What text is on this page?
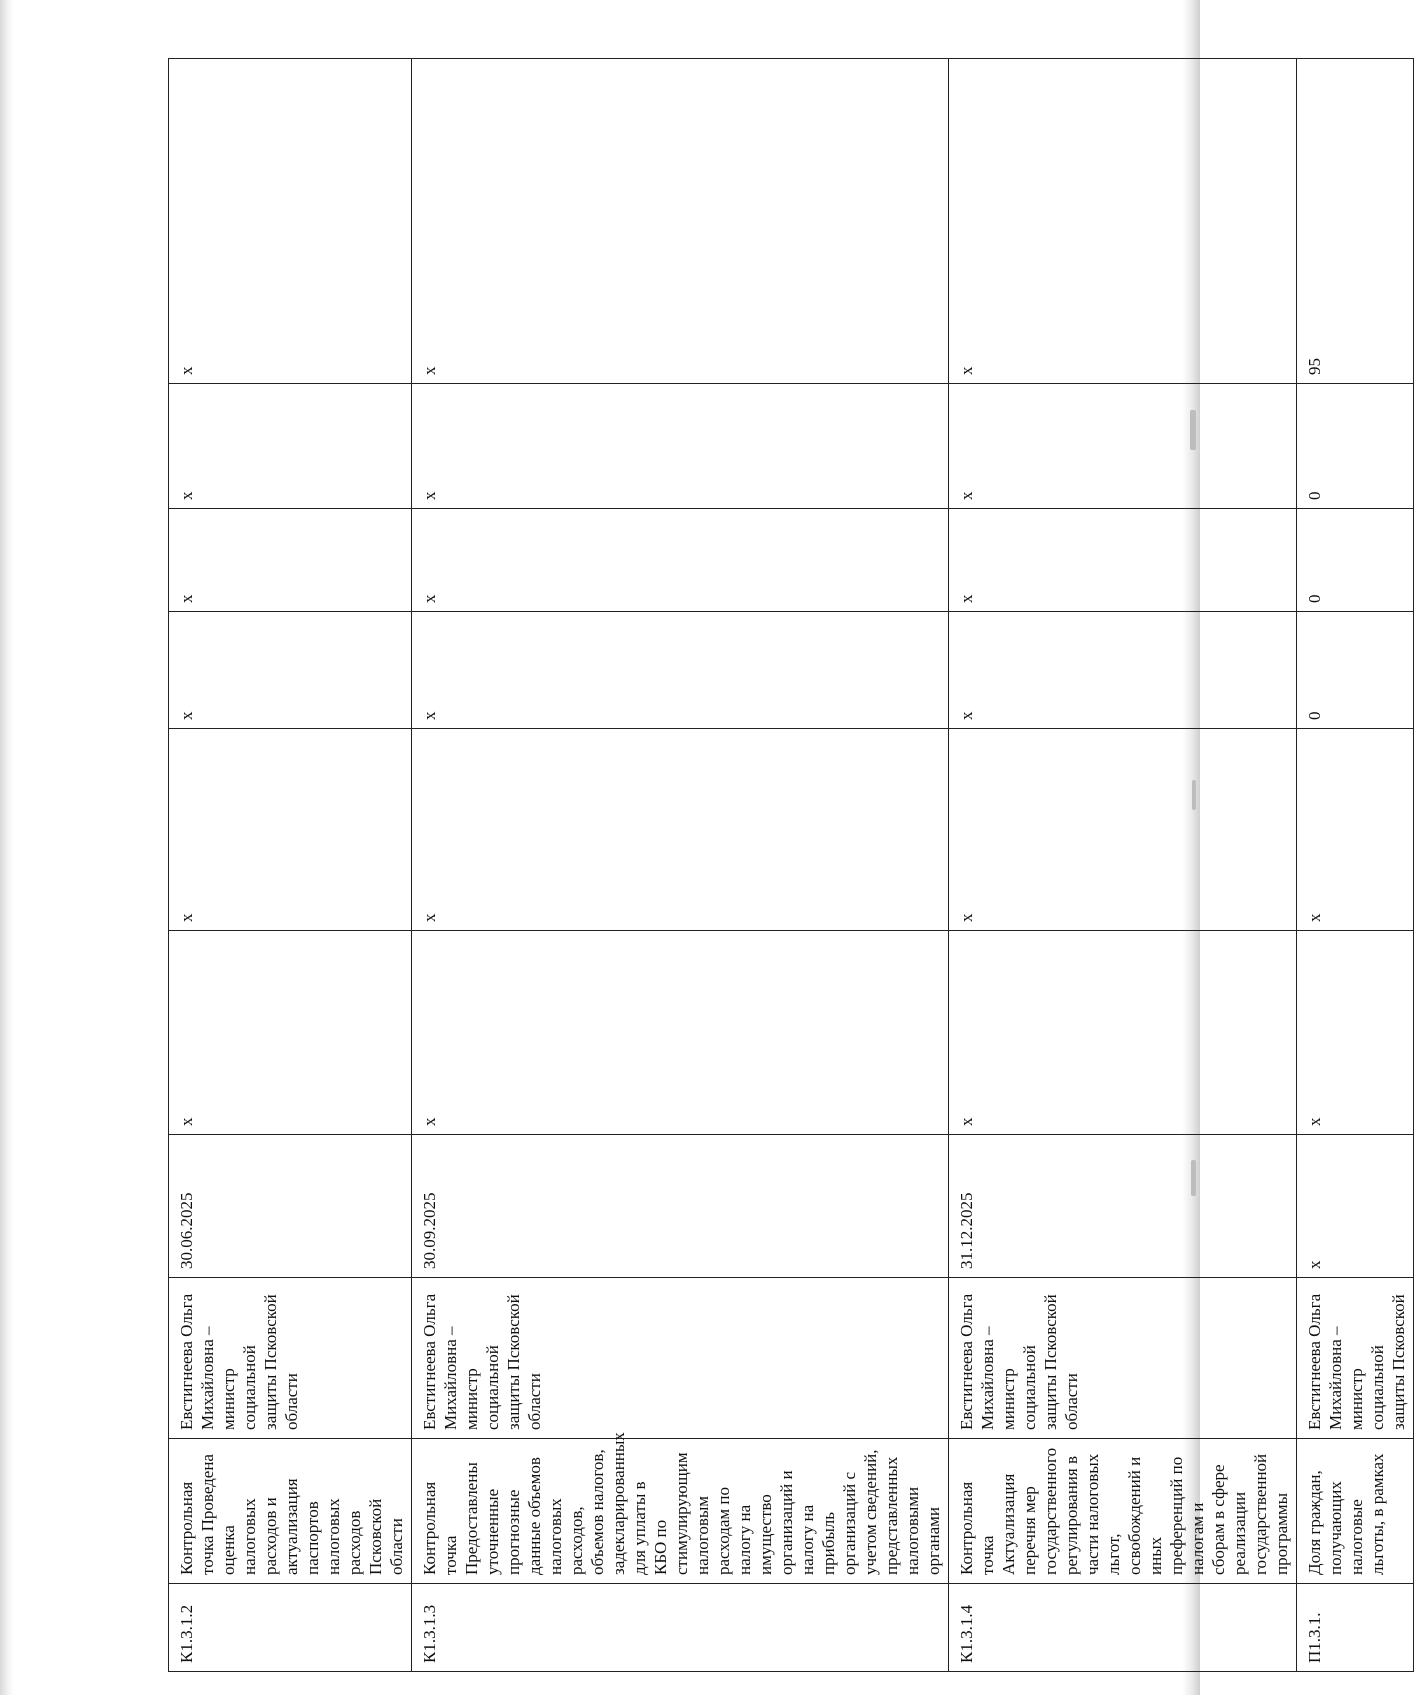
К1.3.1.2	Контрольная точка Проведена оценка налоговых расходов и актуализация паспортов налоговых расходов Псковской области	Евстигнеева Ольга Михайловна – министр социальной защиты Псковской области	30.06.2025	х	х	х	х	х	х
К1.3.1.3	Контрольная точка Предоставлены уточненные прогнозные данные объемов налоговых расходов, объемов налогов, задекларированных для уплаты в КБО по стимулирующим налоговым расходам по налогу на имущество организаций и налогу на прибыль организаций с учетом сведений, представленных налоговыми органами	Евстигнеева Ольга Михайловна – министр социальной защиты Псковской области	30.09.2025	х	х	х	х	х	х
К1.3.1.4	Контрольная точка Актуализация перечня мер государственного регулирования в части налоговых льгот, освобождений и иных преференций по налогам и сборам в сфере реализации государственной программы	Евстигнеева Ольга Михайловна – министр социальной защиты Псковской области	31.12.2025	х	х	х	х	х	х
П1.3.1.	Доля граждан, получающих налоговые льготы, в рамках	Евстигнеева Ольга Михайловна – министр социальной защиты Псковской	х	х	х	0	0	0	95
